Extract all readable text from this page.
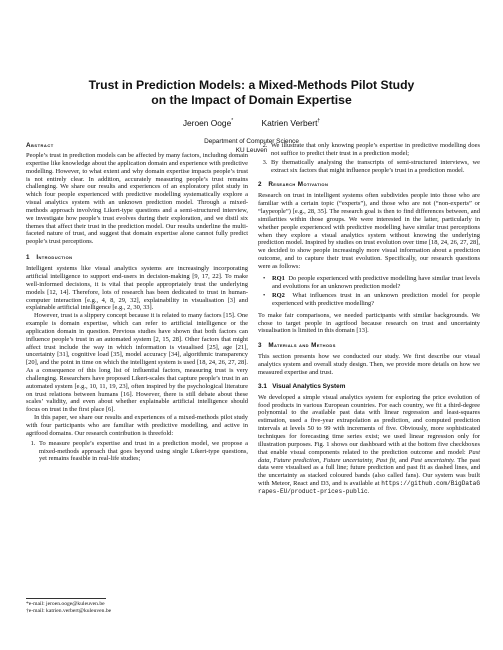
Trust in Prediction Models: a Mixed-Methods Pilot Study
on the Impact of Domain Expertise
Jeroen Ooge*	Katrien Verbert†
Department of Computer Science
KU Leuven
Abstract

People’s trust in prediction models can be affected by many factors, including domain expertise like knowledge about the application domain and experience with predictive modelling. However, to what extent and why domain expertise impacts people’s trust is not entirely clear. In addition, accurately measuring people’s trust remains challenging. We share our results and experiences of an exploratory pilot study in which four people experienced with predictive modelling systematically explore a visual analytics system with an unknown prediction model. Through a mixed-methods approach involving Likert-type questions and a semi-structured interview, we investigate how people’s trust evolves during their exploration, and we distil six themes that affect their trust in the prediction model. Our results underline the multi-faceted nature of trust, and suggest that domain expertise alone cannot fully predict people’s trust perceptions.

1   Introduction

Intelligent systems like visual analytics systems are increasingly incorporating artificial intelligence to support end-users in decision-making [9, 17, 22]. To make well-informed decisions, it is vital that people appropriately trust the underlying models [12, 14]. Therefore, lots of research has been dedicated to trust in human-computer interaction [e.g., 4, 8, 29, 32], explainability in visualisation [3] and explainable artificial intelligence [e.g., 2, 30, 33].

However, trust is a slippery concept because it is related to many factors [15]. One example is domain expertise, which can refer to artificial intelligence or the application domain in question. Previous studies have shown that both factors can influence people’s trust in an automated system [2, 15, 28]. Other factors that might affect trust include the way in which information is visualised [25], age [21], uncertainty [31], cognitive load [35], model accuracy [34], algorithmic transparency [20], and the point in time on which the intelligent system is used [18, 24, 26, 27, 28]. As a consequence of this long list of influential factors, measuring trust is very challenging. Researchers have proposed Likert-scales that capture people’s trust in an automated system [e.g., 10, 11, 19, 23], often inspired by the psychological literature on trust relations between humans [16]. However, there is still debate about these scales’ validity, and even about whether explainable artificial intelligence should focus on trust in the first place [6].

In this paper, we share our results and experiences of a mixed-methods pilot study with four participants who are familiar with predictive modelling, and active in agrifood domains. Our research contribution is threefold:

1. To measure people’s expertise and trust in a prediction model, we propose a mixed-methods approach that goes beyond using single Likert-type questions, yet remains feasible in real-life studies;
*e-mail: jeroen.ooge@kuleuven.be
†e-mail: katrien.verbert@kuleuven.be
2. We illustrate that only knowing people’s expertise in predictive modelling does not suffice to predict their trust in a prediction model;
3. By thematically analysing the transcripts of semi-structured interviews, we extract six factors that might influence people’s trust in a prediction model.
2   Research Motivation

Research on trust in intelligent systems often subdivides people into those who are familiar with a certain topic (“experts”), and those who are not (“non-experts” or “laypeople”) [e.g., 28, 35]. The research goal is then to find differences between, and similarities within those groups. We were interested in the latter, particularly in whether people experienced with predictive modelling have similar trust perceptions when they explore a visual analytics system without knowing the underlying prediction model. Inspired by studies on trust evolution over time [18, 24, 26, 27, 28], we decided to show people increasingly more visual information about a prediction outcome, and to capture their trust evolution. Specifically, our research questions were as follows:

• RQ1 Do people experienced with predictive modelling have similar trust levels and evolutions for an unknown prediction model?
• RQ2 What influences trust in an unknown prediction model for people experienced with predictive modelling?

To make fair comparisons, we needed participants with similar backgrounds. We chose to target people in agrifood because research on trust and uncertainty visualisation is limited in this domain [13].

3   Materials and Methods

This section presents how we conducted our study. We first describe our visual analytics system and overall study design. Then, we provide more details on how we measured expertise and trust.

3.1   Visual Analytics System

We developed a simple visual analytics system for exploring the price evolution of food products in various European countries. For each country, we fit a third-degree polynomial to the available past data with linear regression and least-squares estimation, used a five-year extrapolation as prediction, and computed prediction intervals at levels 50 to 99 with increments of five. Obviously, more sophisticated techniques for forecasting time series exist; we used linear regression only for illustration purposes. Fig. 1 shows our dashboard with at the bottom five checkboxes that enable visual components related to the prediction outcome and model: Past data, Future prediction, Future uncertainty, Past fit, and Past uncertainty. The past data were visualised as a full line; future prediction and past fit as dashed lines, and the uncertainty as stacked coloured bands (also called fans). Our system was built with Meteor, React and D3, and is available at https://github.com/BigDataGrapes-EU/product-prices-public.
